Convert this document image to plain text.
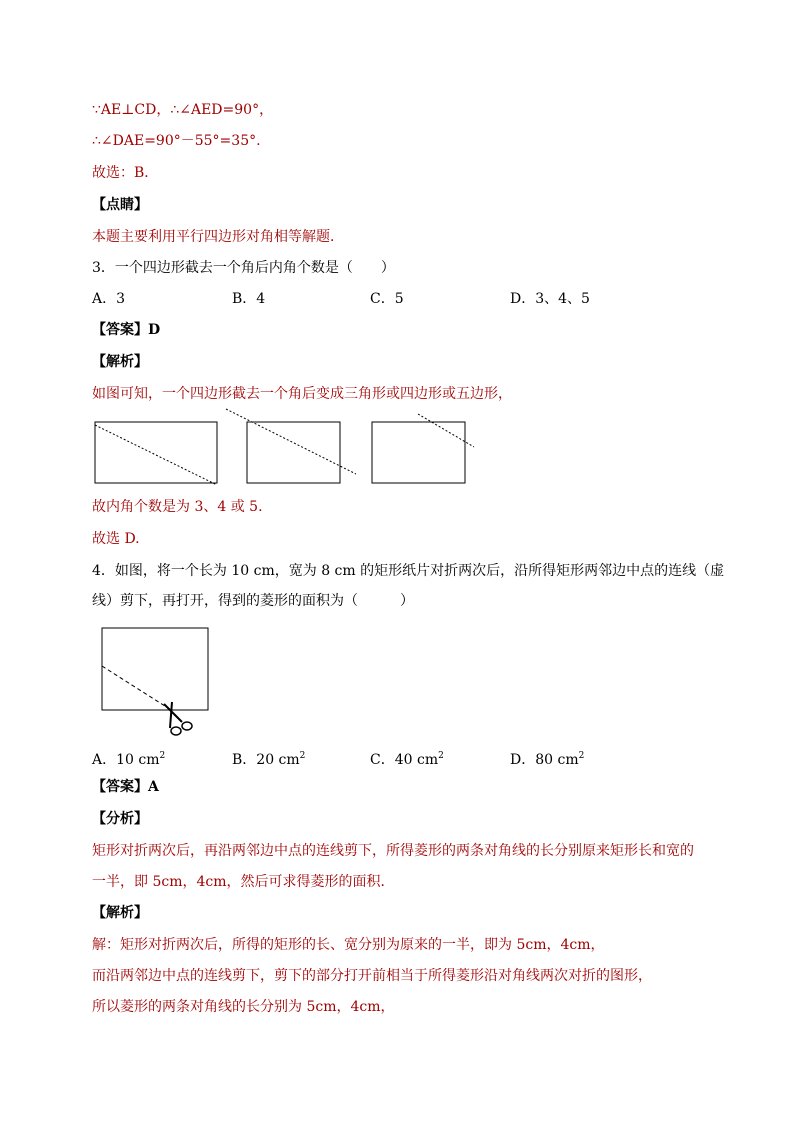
∵AE⊥CD，∴∠AED=90°，
∴∠DAE=90°－55°=35°.
故选：B．
【点睛】
本题主要利用平行四边形对角相等解题．
3．一个四边形截去一个角后内角个数是（　　）
A．3	B．4	C．5	D．3、4、5
【答案】D
【解析】
如图可知，一个四边形截去一个角后变成三角形或四边形或五边形，
故内角个数是为 3、4 或 5.
故选 D.
4．如图，将一个长为 10 cm，宽为 8 cm 的矩形纸片对折两次后，沿所得矩形两邻边中点的连线（虚
线）剪下，再打开，得到的菱形的面积为（　　　）
A．10 $cm^2$	B．20 $cm^2$	C．40 $cm^2$	D．80 $cm^2$
【答案】A
【分析】
矩形对折两次后，再沿两邻边中点的连线剪下，所得菱形的两条对角线的长分别原来矩形长和宽的
一半，即 5cm，4cm，然后可求得菱形的面积．
【解析】
解：矩形对折两次后，所得的矩形的长、宽分别为原来的一半，即为 5cm，4cm，
而沿两邻边中点的连线剪下，剪下的部分打开前相当于所得菱形沿对角线两次对折的图形，
所以菱形的两条对角线的长分别为 5cm，4cm，
